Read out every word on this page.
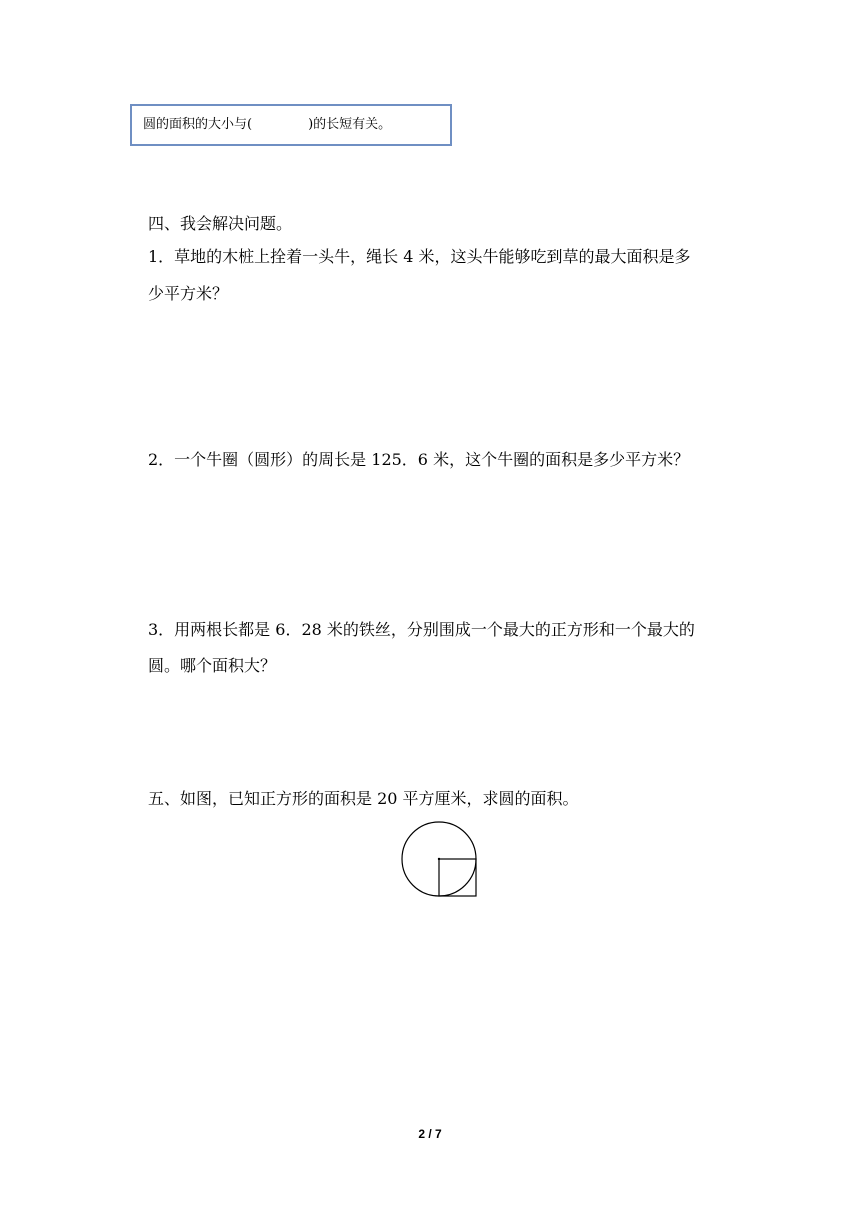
圆的面积的大小与(	)的长短有关。
四、我会解决问题。
1．草地的木桩上拴着一头牛，绳长 4 米，这头牛能够吃到草的最大面积是多
少平方米？
2．一个牛圈（圆形）的周长是 125．6 米，这个牛圈的面积是多少平方米？
3．用两根长都是 6．28 米的铁丝，分别围成一个最大的正方形和一个最大的
圆。哪个面积大？
五、如图，已知正方形的面积是 20 平方厘米，求圆的面积。
2 / 7
